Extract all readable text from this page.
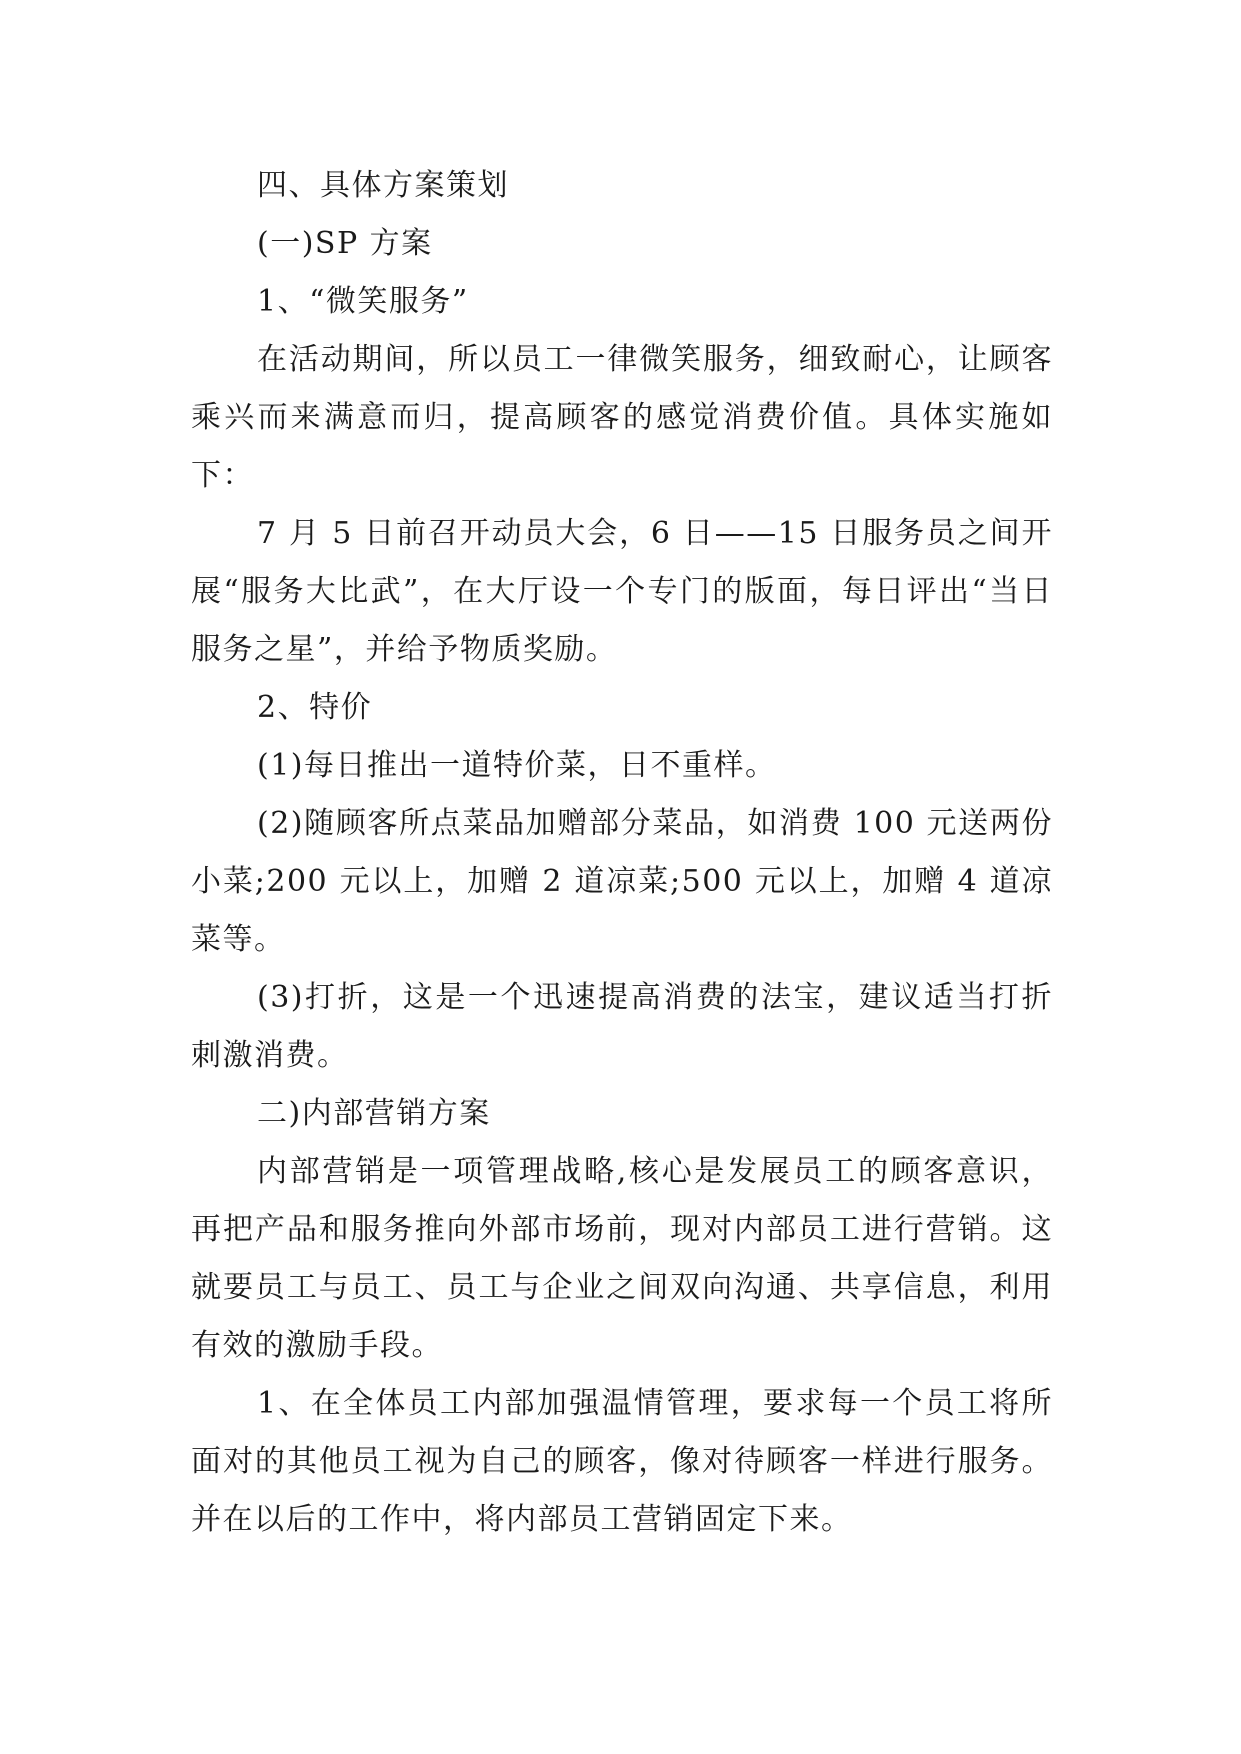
四、具体方案策划

(一)SP 方案

1、“微笑服务”

在活动期间，所以员工一律微笑服务，细致耐心，让顾客乘兴而来满意而归，提高顾客的感觉消费价值。具体实施如下：

7 月 5 日前召开动员大会，6 日——15 日服务员之间开展“服务大比武”，在大厅设一个专门的版面，每日评出“当日服务之星”，并给予物质奖励。

2、特价

(1)每日推出一道特价菜，日不重样。

(2)随顾客所点菜品加赠部分菜品，如消费 100 元送两份小菜;200 元以上，加赠 2 道凉菜;500 元以上，加赠 4 道凉菜等。

(3)打折，这是一个迅速提高消费的法宝，建议适当打折刺激消费。

二)内部营销方案

内部营销是一项管理战略,核心是发展员工的顾客意识，再把产品和服务推向外部市场前，现对内部员工进行营销。这就要员工与员工、员工与企业之间双向沟通、共享信息，利用有效的激励手段。

1、在全体员工内部加强温情管理，要求每一个员工将所面对的其他员工视为自己的顾客，像对待顾客一样进行服务。并在以后的工作中，将内部员工营销固定下来。
